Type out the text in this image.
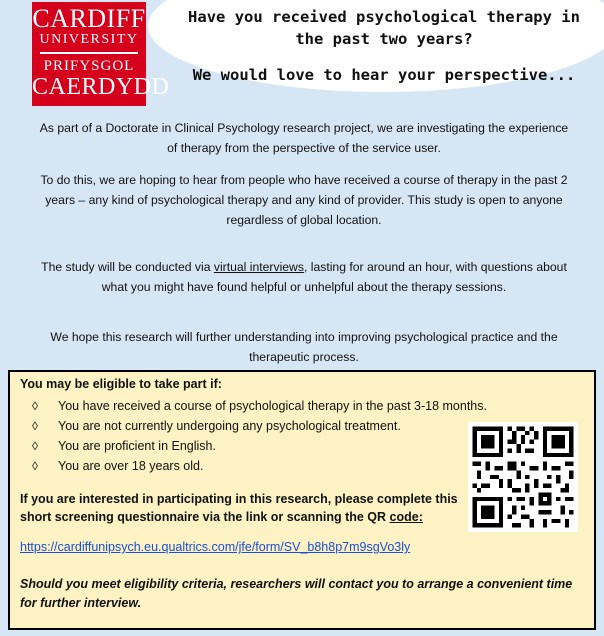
CARDIFF
UNIVERSITY
PRIFYSGOL
CAERDYDD
Have you received psychological therapy in the past two years?
We would love to hear your perspective...
As part of a Doctorate in Clinical Psychology research project, we are investigating the experience of therapy from the perspective of the service user.
To do this, we are hoping to hear from people who have received a course of therapy in the past 2 years – any kind of psychological therapy and any kind of provider. This study is open to anyone regardless of global location.
The study will be conducted via virtual interviews, lasting for around an hour, with questions about what you might have found helpful or unhelpful about the therapy sessions.
We hope this research will further understanding into improving psychological practice and the therapeutic process.
You may be eligible to take part if:
◊ You have received a course of psychological therapy in the past 3-18 months.
◊ You are not currently undergoing any psychological treatment.
◊ You are proficient in English.
◊ You are over 18 years old.
If you are interested in participating in this research, please complete this short screening questionnaire via the link or scanning the QR code:
https://cardiffunipsych.eu.qualtrics.com/jfe/form/SV_b8h8p7m9sgVo3ly
Should you meet eligibility criteria, researchers will contact you to arrange a convenient time for further interview.
